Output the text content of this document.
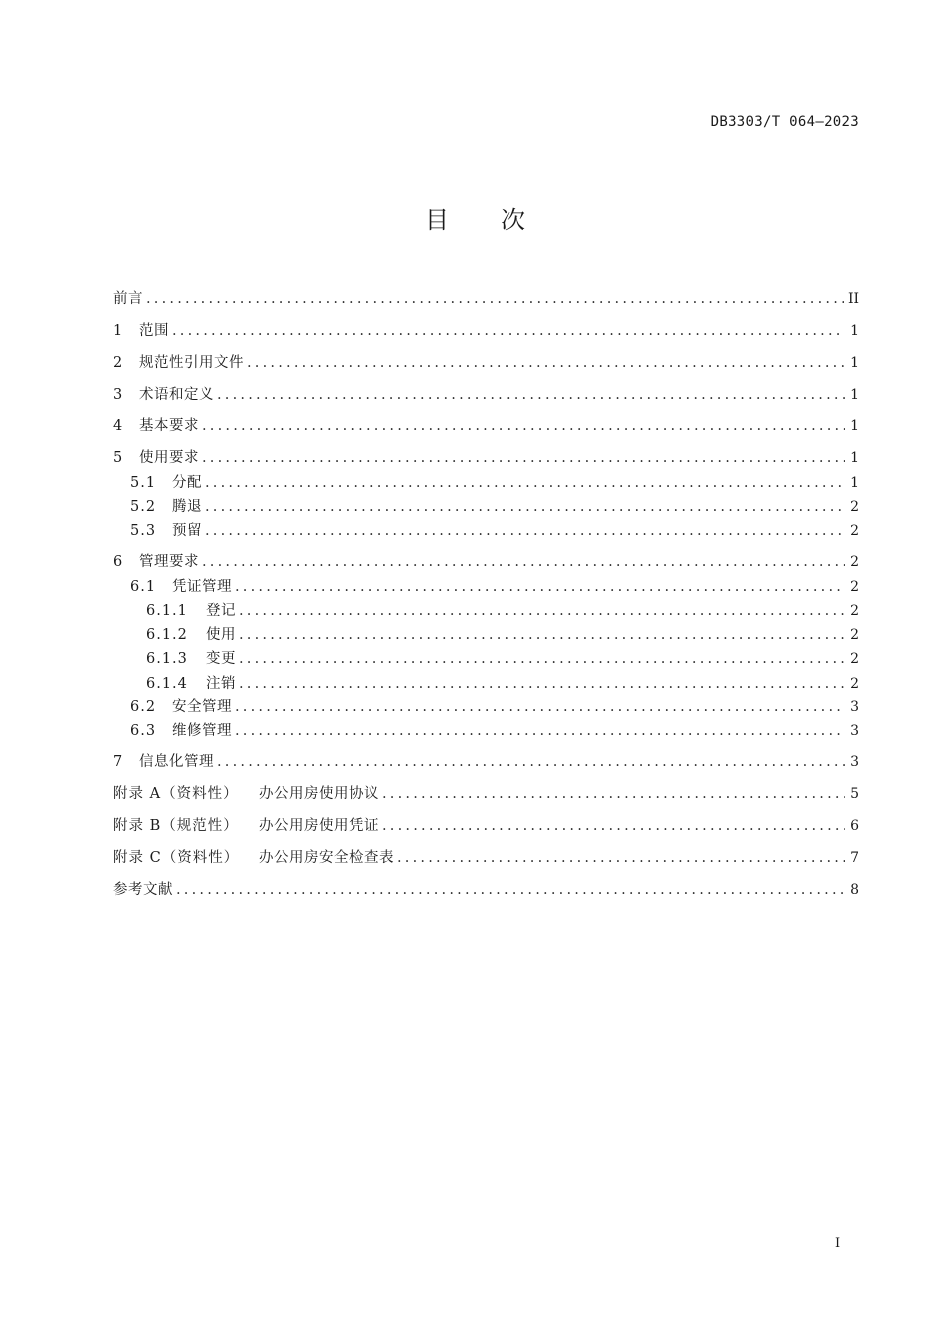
DB3303/T 064—2023
目 次
前言 .....	II
1	范围 .....	1
2	规范性引用文件 .....	1
3	术语和定义 .....	1
4	基本要求 .....	1
5	使用要求 .....	1
5.1	分配 .....	1
5.2	腾退 .....	2
5.3	预留 .....	2
6	管理要求 .....	2
6.1	凭证管理 .....	2
6.1.1	登记 .....	2
6.1.2	使用 .....	2
6.1.3	变更 .....	2
6.1.4	注销 .....	2
6.2	安全管理 .....	3
6.3	维修管理 .....	3
7	信息化管理 .....	3
附录 A（资料性）	办公用房使用协议 .....	5
附录 B（规范性）	办公用房使用凭证 .....	6
附录 C（资料性）	办公用房安全检查表 .....	7
参考文献 .....	8
I
